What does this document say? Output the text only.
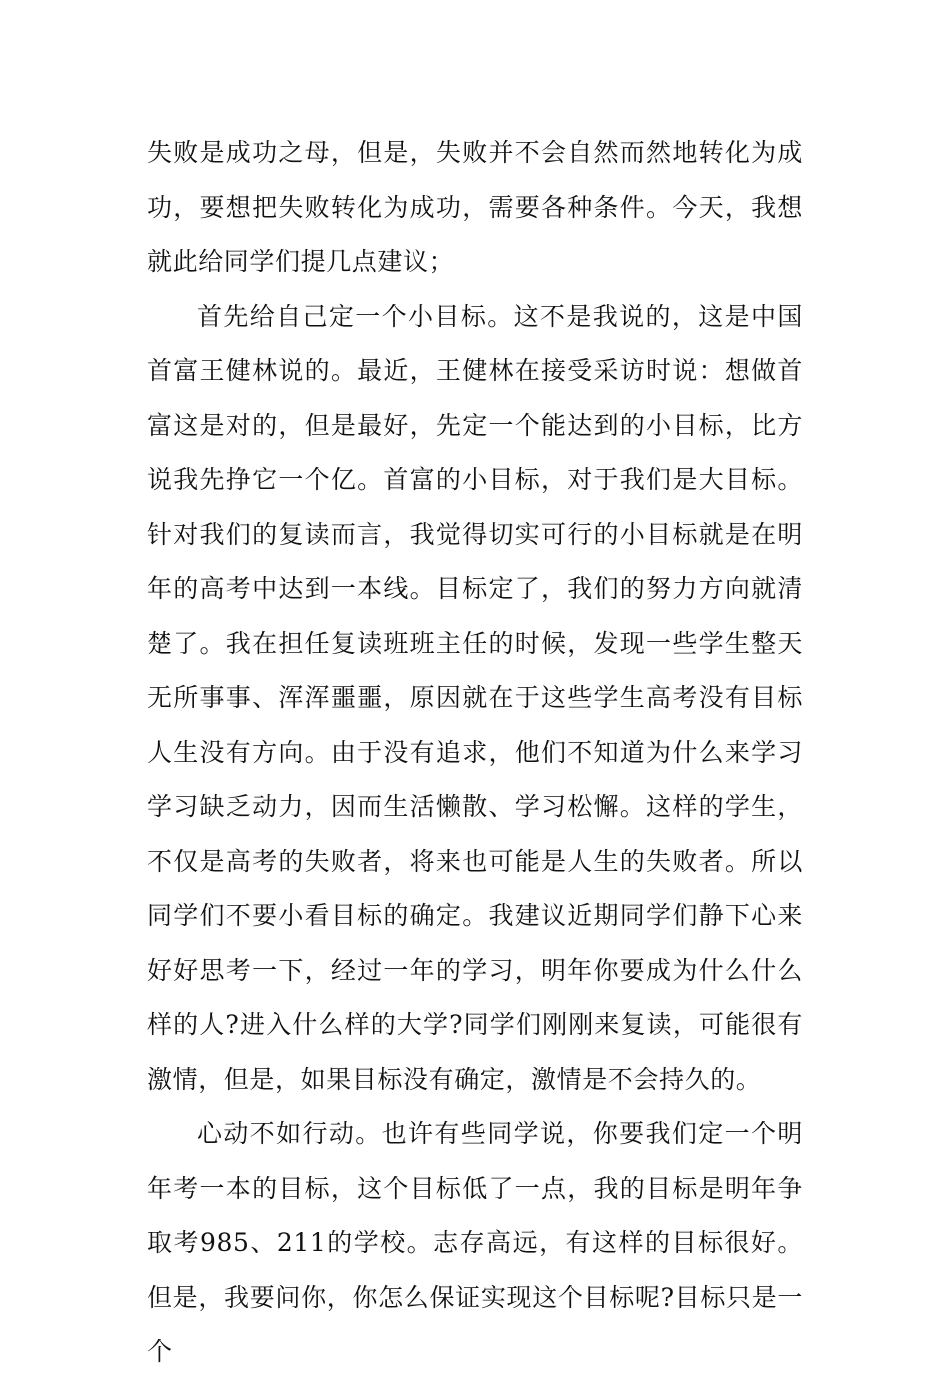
失败是成功之母，但是，失败并不会自然而然地转化为成功，要想把失败转化为成功，需要各种条件。今天，我想就此给同学们提几点建议；

首先给自己定一个小目标。这不是我说的，这是中国首富王健林说的。最近，王健林在接受采访时说：想做首富这是对的，但是最好，先定一个能达到的小目标，比方说我先挣它一个亿。首富的小目标，对于我们是大目标。针对我们的复读而言，我觉得切实可行的小目标就是在明年的高考中达到一本线。目标定了，我们的努力方向就清楚了。我在担任复读班班主任的时候，发现一些学生整天无所事事、浑浑噩噩，原因就在于这些学生高考没有目标人生没有方向。由于没有追求，他们不知道为什么来学习学习缺乏动力，因而生活懒散、学习松懈。这样的学生，不仅是高考的失败者，将来也可能是人生的失败者。所以同学们不要小看目标的确定。我建议近期同学们静下心来好好思考一下，经过一年的学习，明年你要成为什么什么样的人?进入什么样的大学?同学们刚刚来复读，可能很有激情，但是，如果目标没有确定，激情是不会持久的。

心动不如行动。也许有些同学说，你要我们定一个明年考一本的目标，这个目标低了一点，我的目标是明年争取考985、211的学校。志存高远，有这样的目标很好。但是，我要问你，你怎么保证实现这个目标呢?目标只是一个
